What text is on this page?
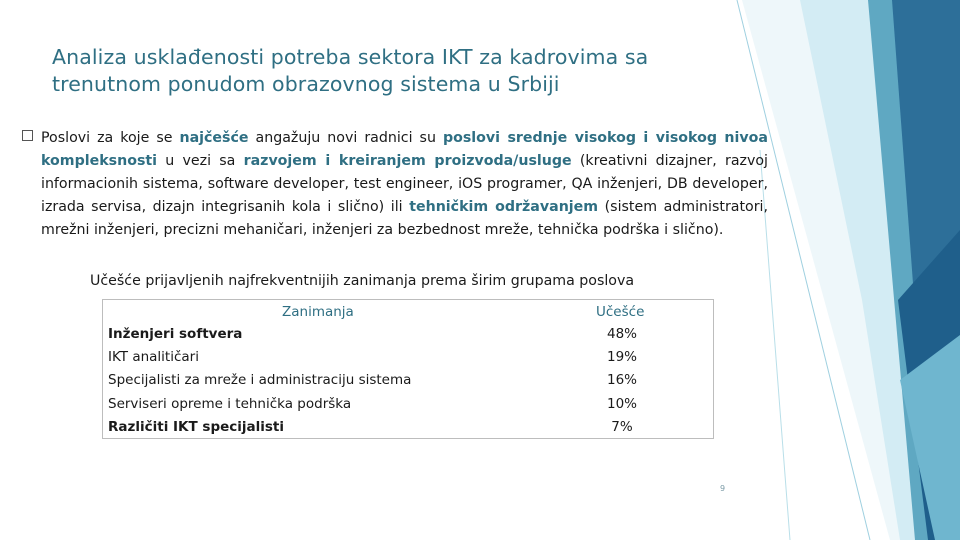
Analiza usklađenosti potreba sektora IKT za kadrovima sa
trenutnom ponudom obrazovnog sistema u Srbiji
Poslovi za koje se najčešće angažuju novi radnici su poslovi srednje visokog i visokog nivoa kompleksnosti u vezi sa razvojem i kreiranjem proizvoda/usluge (kreativni dizajner, razvoj informacionih sistema, software developer, test engineer, iOS programer, QA inženjeri, DB developer, izrada servisa, dizajn integrisanih kola i slično) ili tehničkim održavanjem (sistem administratori, mrežni inženjeri, precizni mehaničari, inženjeri za bezbednost mreže, tehnička podrška i slično).
Učešće prijavljenih najfrekventnijih zanimanja prema širim grupama poslova
Zanimanja	Učešće
Inženjeri softvera	48%
IKT analitičari	19%
Specijalisti za mreže i administraciju sistema	16%
Serviseri opreme i tehnička podrška	10%
Različiti IKT specijalisti	7%
9
